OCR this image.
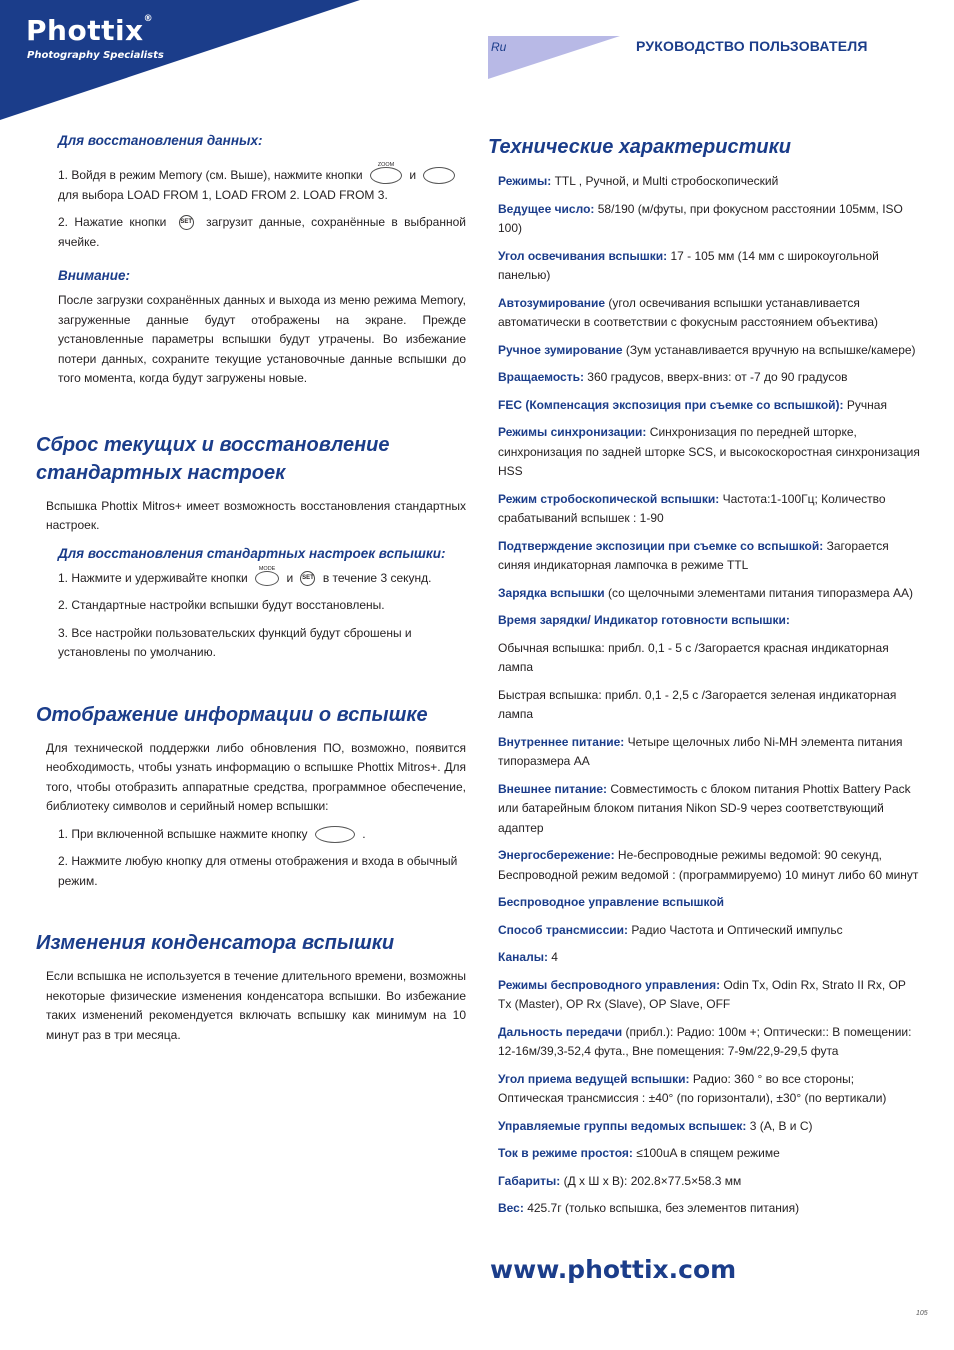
Phottix®
Photography Specialists
Ru	РУКОВОДСТВО ПОЛЬЗОВАТЕЛЯ

Для восстановления данных:

1. Войдя в режим Memory (см. Выше), нажмите кнопки
ZOOM
и

для выбора LOAD FROM 1, LOAD FROM 2. LOAD FROM 3.

2. Нажатие кнопки SET загрузит данные, сохранённые в выбранной ячейке.

Внимание:

После загрузки сохранённых данных и выхода из меню режима Memory, загруженные данные будут отображены на экране. Прежде установленные параметры вспышки будут утрачены. Во избежание потери данных, сохраните текущие установочные данные вспышки до того момента, когда будут загружены новые.

Сброс текущих и восстановление стандартных настроек

Вспышка Phottix Mitros+ имеет возможность восстановления стандартных настроек.

Для восстановления стандартных настроек вспышки:

1. Нажмите и удерживайте кнопки
MODE
и SET в течение 3 секунд.

2. Стандартные настройки вспышки будут восстановлены.

3. Все настройки пользовательских функций будут сброшены и установлены по умолчанию.

Отображение информации о вспышке

Для технической поддержки либо обновления ПО, возможно, появится необходимость, чтобы узнать информацию о вспышке Phottix Mitros+. Для того, чтобы отобразить аппаратные средства, программное обеспечение, библиотеку символов и серийный номер вспышки:

1. При включенной вспышке нажмите кнопку	.

2. Нажмите любую кнопку для отмены отображения и входа в обычный режим.

Изменения конденсатора вспышки

Если вспышка не используется в течение длительного времени, возможны некоторые физические изменения конденсатора вспышки. Во избежание таких изменений рекомендуется включать вспышку как минимум на 10 минут раз в три месяца.

Технические характеристики

Режимы: TTL , Ручной, и Multi стробоскопический

Ведущее число: 58/190 (м/футы, при фокусном расстоянии 105мм, ISO 100)

Угол освечивания вспышки: 17 - 105 мм (14 мм с широкоугольной панелью)

Автозумирование (угол освечивания вспышки устанавливается автоматически в соответствии с фокусным расстоянием объектива)

Ручное зумирование (Зум устанавливается вручную на вспышке/камере)

Вращаемость: 360 градусов, вверх-вниз: от -7 до 90 градусов

FEC (Компенсация экспозиция при съемке со вспышкой): Ручная

Режимы синхронизации: Синхронизация по передней шторке, синхронизация по задней шторке SCS, и высокоскоростная синхронизация HSS

Режим стробоскопической вспышки: Частота:1-100Гц; Количество срабатываний вспышек : 1-90

Подтверждение экспозиции при съемке со вспышкой: Загорается синяя индикаторная лампочка в режиме TTL

Зарядка вспышки (со щелочными элементами питания типоразмера AA)

Время зарядки/ Индикатор готовности вспышки:

Обычная вспышка: прибл. 0,1 - 5 с /Загорается красная индикаторная лампа

Быстрая вспышка: прибл. 0,1 - 2,5 с /Загорается зеленая индикаторная лампа

Внутреннее питание: Четыре щелочных либо Ni-MH элемента питания типоразмера AA

Внешнее питание: Совместимость с блоком питания Phottix Battery Pack или батарейным блоком питания Nikon SD-9 через соответствующий адаптер

Энергосбережение: Не-беспроводные режимы ведомой: 90 секунд, Беспроводной режим ведомой : (программируемо) 10 минут либо 60 минут

Беспроводное управление вспышкой

Способ трансмиссии: Радио Частота и Оптический импульс

Каналы: 4

Режимы беспроводного управления: Odin Tx, Odin Rx, Strato II Rx, OP Tx (Master), OP Rx (Slave), OP Slave, OFF

Дальность передачи (прибл.): Радио: 100м +; Оптически:: В помещении: 12-16м/39,3-52,4 фута., Вне помещения: 7-9м/22,9-29,5 фута

Угол приема ведущей вспышки: Радио: 360 ° во все стороны; Оптическая трансмиссия : ±40° (по горизонтали), ±30° (по вертикали)

Управляемые группы ведомых вспышек: 3 (A, B и C)

Ток в режиме простоя: ≤100uA в спящем режиме

Габариты: (Д x Ш x В): 202.8×77.5×58.3 мм

Вес: 425.7г (только вспышка, без элементов питания)

www.phottix.com
105
